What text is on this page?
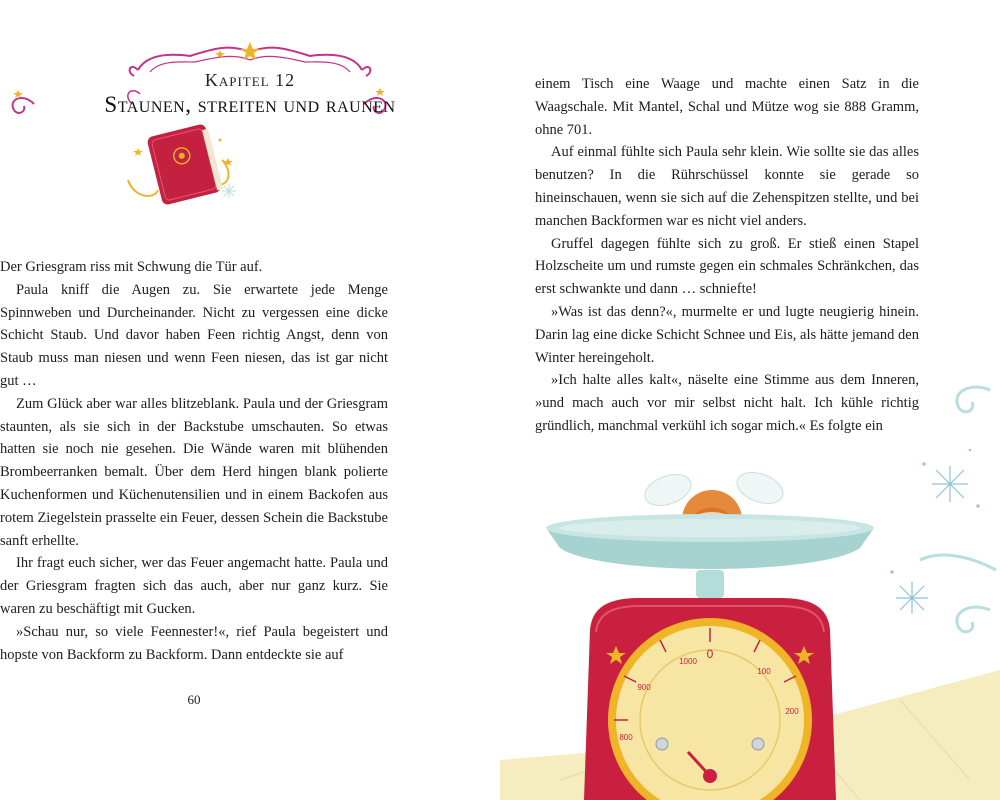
Kapitel 12
Staunen, streiten und raunen

Der Griesgram riss mit Schwung die Tür auf.

Paula kniff die Augen zu. Sie erwartete jede Menge Spinnweben und Durcheinander. Nicht zu vergessen eine dicke Schicht Staub. Und davor haben Feen richtig Angst, denn von Staub muss man niesen und wenn Feen niesen, das ist gar nicht gut …

Zum Glück aber war alles blitzeblank. Paula und der Griesgram staunten, als sie sich in der Backstube umschauten. So etwas hatten sie noch nie gesehen. Die Wände waren mit blühenden Brombeerranken bemalt. Über dem Herd hingen blank polierte Kuchenformen und Küchenutensilien und in einem Backofen aus rotem Ziegelstein prasselte ein Feuer, dessen Schein die Backstube sanft erhellte.

Ihr fragt euch sicher, wer das Feuer angemacht hatte. Paula und der Griesgram fragten sich das auch, aber nur ganz kurz. Sie waren zu beschäftigt mit Gucken.

»Schau nur, so viele Feennester!«, rief Paula begeistert und hopste von Backform zu Backform. Dann entdeckte sie auf

60

einem Tisch eine Waage und machte einen Satz in die Waagschale. Mit Mantel, Schal und Mütze wog sie 888 Gramm, ohne 701.

Auf einmal fühlte sich Paula sehr klein. Wie sollte sie das alles benutzen? In die Rührschüssel konnte sie gerade so hineinschauen, wenn sie sich auf die Zehenspitzen stellte, und bei manchen Backformen war es nicht viel anders.

Gruffel dagegen fühlte sich zu groß. Er stieß einen Stapel Holzscheite um und rumste gegen ein schmales Schränkchen, das erst schwankte und dann … schniefte!

»Was ist das denn?«, murmelte er und lugte neugierig hinein. Darin lag eine dicke Schicht Schnee und Eis, als hätte jemand den Winter hereingeholt.

»Ich halte alles kalt«, näselte eine Stimme aus dem Inneren, »und mach auch vor mir selbst nicht halt. Ich kühle richtig gründlich, manchmal verkühl ich sogar mich.« Es folgte ein

0
1000
100
200
900
800
